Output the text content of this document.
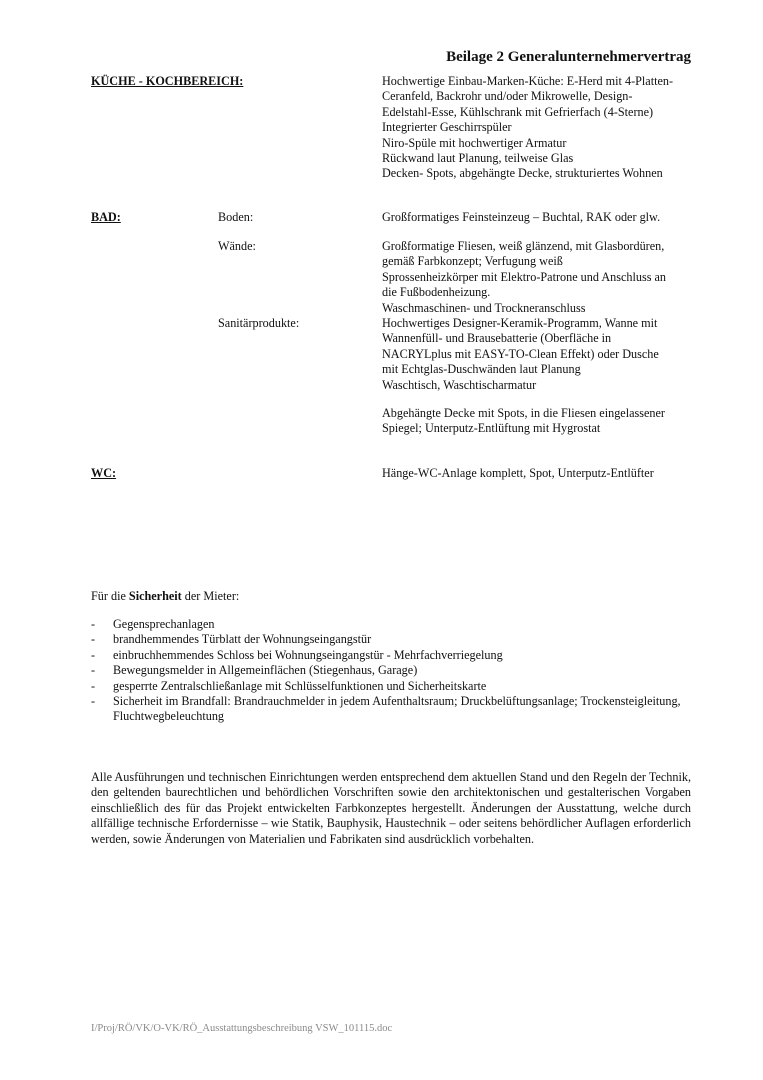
Beilage 2 Generalunternehmervertrag
KÜCHE - KOCHBEREICH:	Hochwertige Einbau-Marken-Küche: E-Herd mit 4-Platten-
Ceranfeld, Backrohr und/oder Mikrowelle, Design-
Edelstahl-Esse, Kühlschrank mit Gefrierfach (4-Sterne)
Integrierter Geschirrspüler
Niro-Spüle mit hochwertiger Armatur
Rückwand laut Planung, teilweise Glas
Decken- Spots, abgehängte Decke, strukturiertes Wohnen
BAD:	Boden:	Großformatiges Feinsteinzeug – Buchtal, RAK oder glw.
Wände:	Großformatige Fliesen, weiß glänzend, mit Glasbordüren,
gemäß Farbkonzept; Verfugung weiß
Sprossenheizkörper mit Elektro-Patrone und Anschluss an
die Fußbodenheizung.
Waschmaschinen- und Trockneranschluss
Sanitärprodukte:	Hochwertiges Designer-Keramik-Programm, Wanne mit
Wannenfüll- und Brausebatterie (Oberfläche in
NACRYLplus mit EASY-TO-Clean Effekt) oder Dusche
mit Echtglas-Duschwänden laut Planung
Waschtisch, Waschtischarmatur
Abgehängte Decke mit Spots, in die Fliesen eingelassener
Spiegel; Unterputz-Entlüftung mit Hygrostat
WC:	Hänge-WC-Anlage komplett, Spot, Unterputz-Entlüfter
Für die Sicherheit der Mieter:
- Gegensprechanlagen
- brandhemmendes Türblatt der Wohnungseingangstür
- einbruchhemmendes Schloss bei Wohnungseingangstür - Mehrfachverriegelung
- Bewegungsmelder in Allgemeinflächen (Stiegenhaus, Garage)
- gesperrte Zentralschließanlage mit Schlüsselfunktionen und Sicherheitskarte
- Sicherheit im Brandfall: Brandrauchmelder in jedem Aufenthaltsraum; Druckbelüftungsanlage; Trockensteigleitung, Fluchtwegbeleuchtung
Alle Ausführungen und technischen Einrichtungen werden entsprechend dem aktuellen Stand und den Regeln der Technik, den geltenden baurechtlichen und behördlichen Vorschriften sowie den architektonischen und gestalterischen Vorgaben einschließlich des für das Projekt entwickelten Farbkonzeptes hergestellt. Änderungen der Ausstattung, welche durch allfällige technische Erfordernisse – wie Statik, Bauphysik, Haustechnik – oder seitens behördlicher Auflagen erforderlich werden, sowie Änderungen von Materialien und Fabrikaten sind ausdrücklich vorbehalten.
I/Proj/RÖ/VK/O-VK/RÖ_Ausstattungsbeschreibung VSW_101115.doc
